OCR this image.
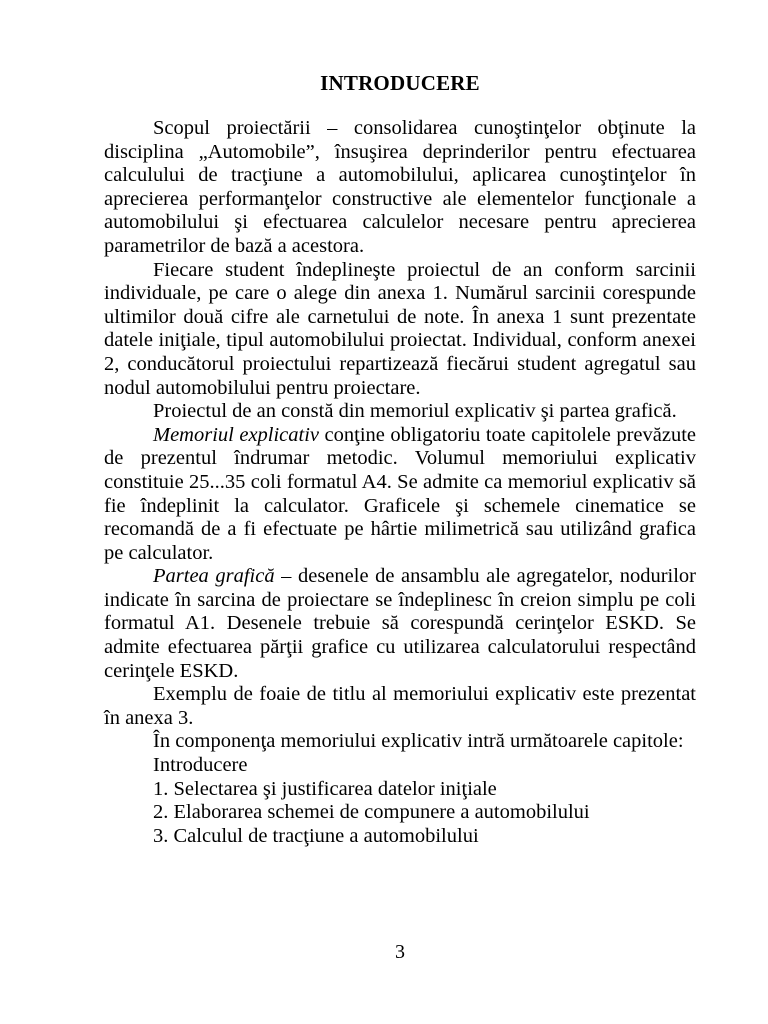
INTRODUCERE

Scopul proiectării – consolidarea cunoştinţelor obţinute la disciplina „Automobile”, însuşirea deprinderilor pentru efectuarea calculului de tracţiune a automobilului, aplicarea cunoştinţelor în aprecierea performanţelor constructive ale elementelor funcţionale a automobilului şi efectuarea calculelor necesare pentru aprecierea parametrilor de bază a acestora.

Fiecare student îndeplineşte proiectul de an conform sarcinii individuale, pe care o alege din anexa 1. Numărul sarcinii corespunde ultimilor două cifre ale carnetului de note. În anexa 1 sunt prezentate datele iniţiale, tipul automobilului proiectat. Individual, conform anexei 2, conducătorul proiectului repartizează fiecărui student agregatul sau nodul automobilului pentru proiectare.

Proiectul de an constă din memoriul explicativ şi partea grafică.

Memoriul explicativ conţine obligatoriu toate capitolele prevăzute de prezentul îndrumar metodic. Volumul memoriului explicativ constituie 25...35 coli formatul A4. Se admite ca memoriul explicativ să fie îndeplinit la calculator. Graficele şi schemele cinematice se recomandă de a fi efectuate pe hârtie milimetrică sau utilizând grafica pe calculator.

Partea grafică – desenele de ansamblu ale agregatelor, nodurilor indicate în sarcina de proiectare se îndeplinesc în creion simplu pe coli formatul A1. Desenele trebuie să corespundă cerinţelor ESKD. Se admite efectuarea părţii grafice cu utilizarea calculatorului respectând cerinţele ESKD.

Exemplu de foaie de titlu al memoriului explicativ este prezentat în anexa 3.

În componenţa memoriului explicativ intră următoarele capitole:

Introducere
1. Selectarea şi justificarea datelor iniţiale
2. Elaborarea schemei de compunere a automobilului
3. Calculul de tracţiune a automobilului
3
